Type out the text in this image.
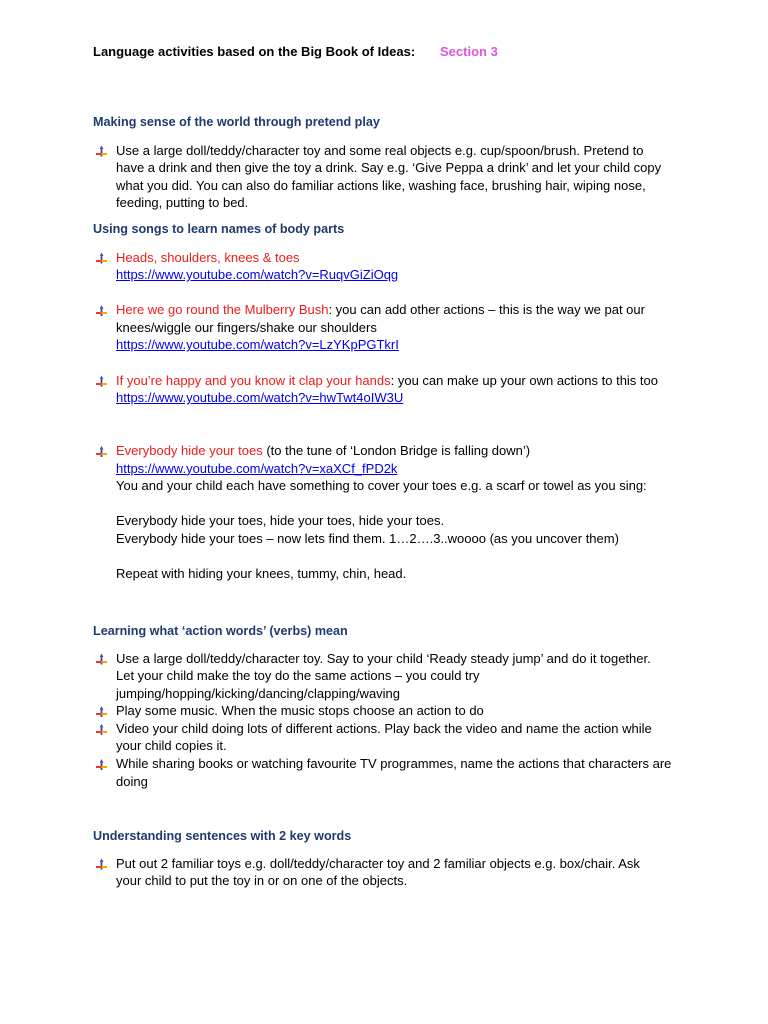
Language activities based on the Big Book of Ideas: Section 3
Making sense of the world through pretend play
Use a large doll/teddy/character toy and some real objects e.g. cup/spoon/brush. Pretend to
have a drink and then give the toy a drink. Say e.g. ‘Give Peppa a drink’ and let your child copy
what you did. You can also do familiar actions like, washing face, brushing hair, wiping nose,
feeding, putting to bed.
Using songs to learn names of body parts
Heads, shoulders, knees & toes
https://www.youtube.com/watch?v=RuqvGiZiOqg
Here we go round the Mulberry Bush: you can add other actions – this is the way we pat our
knees/wiggle our fingers/shake our shoulders
https://www.youtube.com/watch?v=LzYKpPGTkrI
If you’re happy and you know it clap your hands: you can make up your own actions to this too
https://www.youtube.com/watch?v=hwTwt4oIW3U
Everybody hide your toes (to the tune of ‘London Bridge is falling down’)
https://www.youtube.com/watch?v=xaXCf_fPD2k
You and your child each have something to cover your toes e.g. a scarf or towel as you sing:
Everybody hide your toes, hide your toes, hide your toes.
Everybody hide your toes – now lets find them. 1…2….3..woooo (as you uncover them)
Repeat with hiding your knees, tummy, chin, head.
Learning what ‘action words’ (verbs) mean
Use a large doll/teddy/character toy. Say to your child ‘Ready steady jump’ and do it together.
Let your child make the toy do the same actions – you could try
jumping/hopping/kicking/dancing/clapping/waving
Play some music. When the music stops choose an action to do
Video your child doing lots of different actions. Play back the video and name the action while
your child copies it.
While sharing books or watching favourite TV programmes, name the actions that characters are
doing
Understanding sentences with 2 key words
Put out 2 familiar toys e.g. doll/teddy/character toy and 2 familiar objects e.g. box/chair. Ask
your child to put the toy in or on one of the objects.
